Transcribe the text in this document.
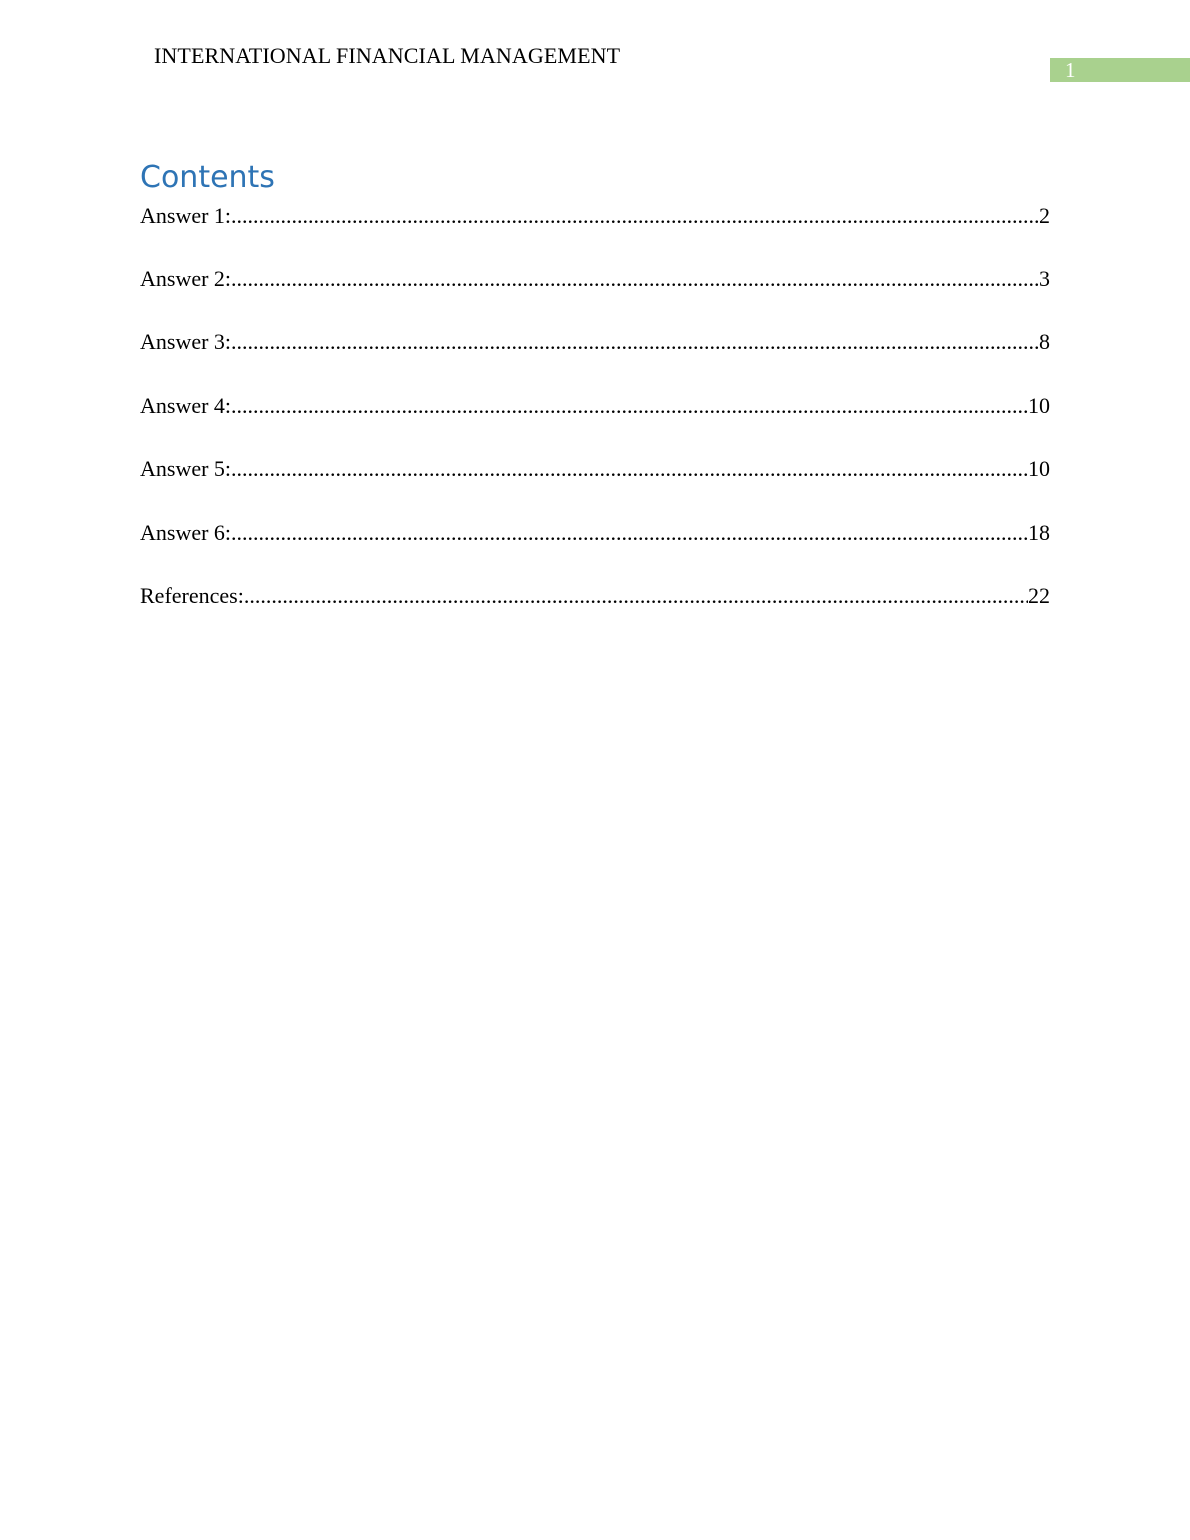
INTERNATIONAL FINANCIAL MANAGEMENT
1
Contents
Answer 1: .....	2
Answer 2: .....	3
Answer 3: .....	8
Answer 4: .....	10
Answer 5: .....	10
Answer 6: .....	18
References: .....	22
